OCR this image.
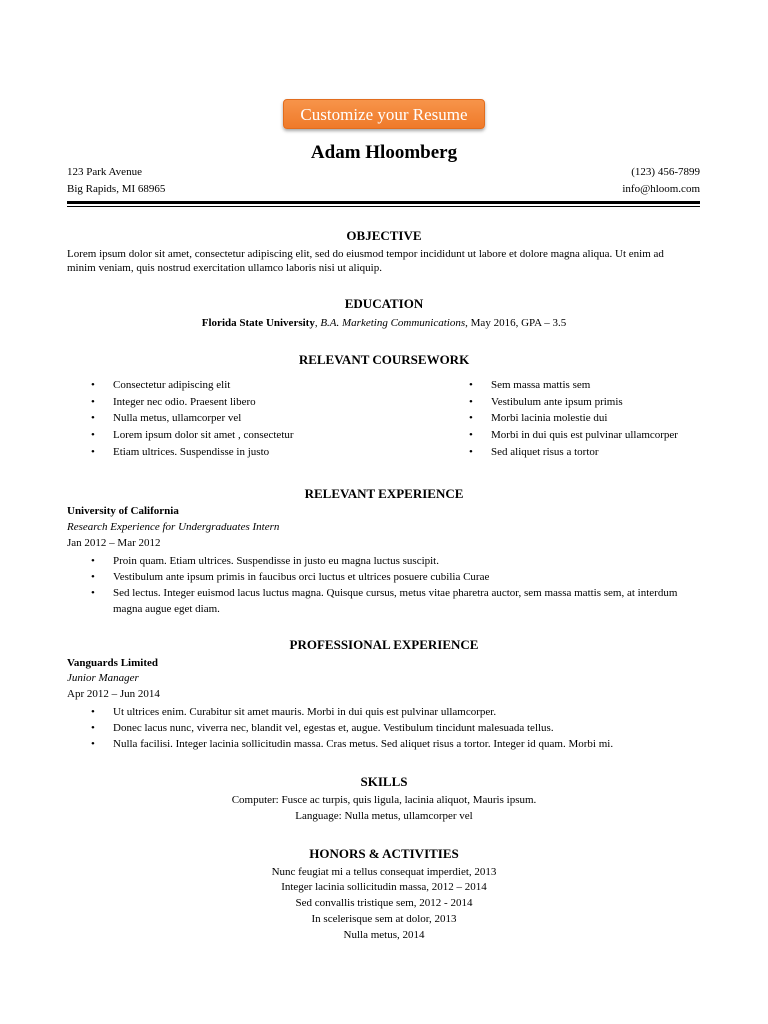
Customize your Resume
Adam Hloomberg
123 Park Avenue
Big Rapids, MI 68965
(123) 456-7899
info@hloom.com
OBJECTIVE
Lorem ipsum dolor sit amet, consectetur adipiscing elit, sed do eiusmod tempor incididunt ut labore et dolore magna aliqua. Ut enim ad
minim veniam, quis nostrud exercitation ullamco laboris nisi ut aliquip.
EDUCATION
Florida State University, B.A. Marketing Communications, May 2016, GPA – 3.5
RELEVANT COURSEWORK
• Consectetur adipiscing elit
• Integer nec odio. Praesent libero
• Nulla metus, ullamcorper vel
• Lorem ipsum dolor sit amet , consectetur
• Etiam ultrices. Suspendisse in justo
• Sem massa mattis sem
• Vestibulum ante ipsum primis
• Morbi lacinia molestie dui
• Morbi in dui quis est pulvinar ullamcorper
• Sed aliquet risus a tortor
RELEVANT EXPERIENCE
University of California
Research Experience for Undergraduates Intern
Jan 2012 – Mar 2012
• Proin quam. Etiam ultrices. Suspendisse in justo eu magna luctus suscipit.
• Vestibulum ante ipsum primis in faucibus orci luctus et ultrices posuere cubilia Curae
• Sed lectus. Integer euismod lacus luctus magna. Quisque cursus, metus vitae pharetra auctor, sem massa mattis sem, at interdum magna augue eget diam.
PROFESSIONAL EXPERIENCE
Vanguards Limited
Junior Manager
Apr 2012 – Jun 2014
• Ut ultrices enim. Curabitur sit amet mauris. Morbi in dui quis est pulvinar ullamcorper.
• Donec lacus nunc, viverra nec, blandit vel, egestas et, augue. Vestibulum tincidunt malesuada tellus.
• Nulla facilisi. Integer lacinia sollicitudin massa. Cras metus. Sed aliquet risus a tortor. Integer id quam. Morbi mi.
SKILLS
Computer: Fusce ac turpis, quis ligula, lacinia aliquot, Mauris ipsum.
Language: Nulla metus, ullamcorper vel
HONORS & ACTIVITIES
Nunc feugiat mi a tellus consequat imperdiet, 2013
Integer lacinia sollicitudin massa, 2012 – 2014
Sed convallis tristique sem, 2012 - 2014
In scelerisque sem at dolor, 2013
Nulla metus, 2014
